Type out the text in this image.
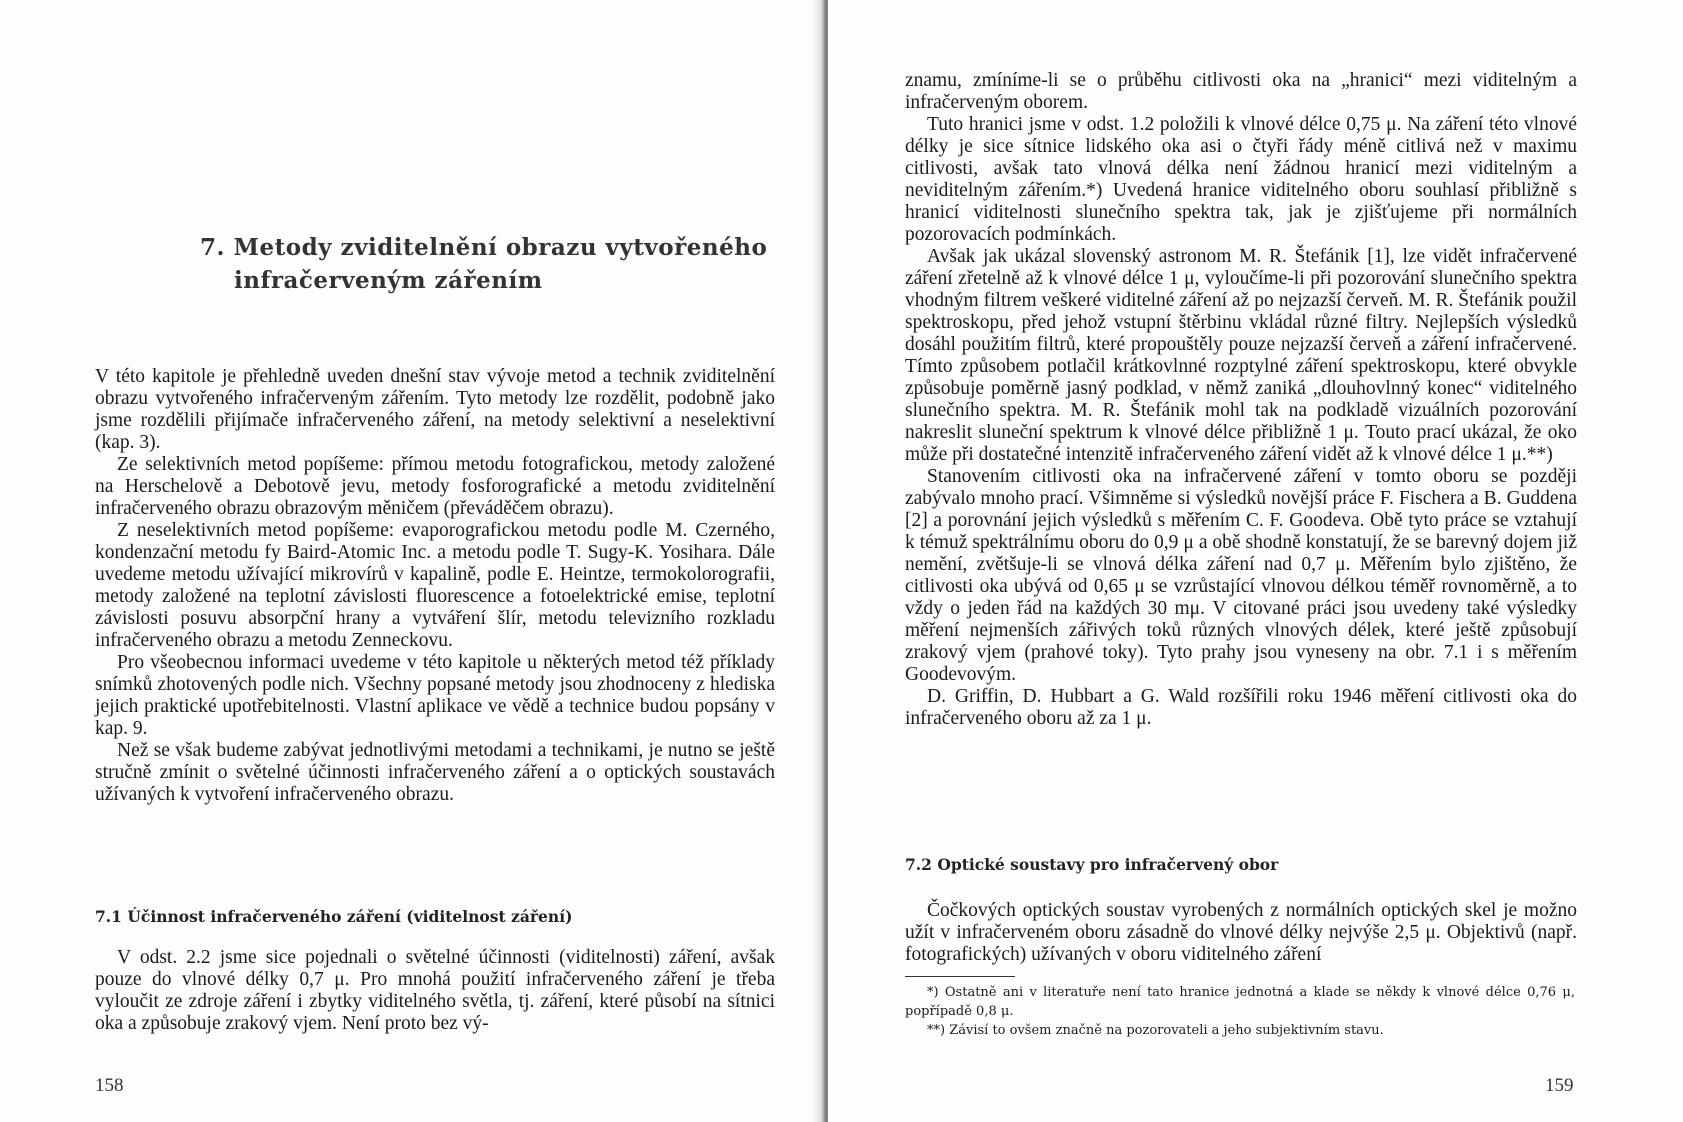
7. Metody zviditelnění obrazu vytvořeného
infračerveným zářením

V této kapitole je přehledně uveden dnešní stav vývoje metod a technik zviditelnění obrazu vytvořeného infračerveným zářením. Tyto metody lze rozdělit, podobně jako jsme rozdělili přijímače infračerveného záření, na metody selektivní a neselektivní (kap. 3).

Ze selektivních metod popíšeme: přímou metodu fotografickou, metody založené na Herschelově a Debotově jevu, metody fosforografické a metodu zviditelnění infračerveného obrazu obrazovým měničem (převáděčem obrazu).

Z neselektivních metod popíšeme: evaporografickou metodu podle M. Czerného, kondenzační metodu fy Baird-Atomic Inc. a metodu podle T. Sugy-K. Yosihara. Dále uvedeme metodu užívající mikrovírů v kapalině, podle E. Heintze, termokolorografii, metody založené na teplotní závislosti fluorescence a fotoelektrické emise, teplotní závislosti posuvu absorpční hrany a vytváření šlír, metodu televizního rozkladu infračerveného obrazu a metodu Zenneckovu.

Pro všeobecnou informaci uvedeme v této kapitole u některých metod též příklady snímků zhotovených podle nich. Všechny popsané metody jsou zhodnoceny z hlediska jejich praktické upotřebitelnosti. Vlastní aplikace ve vědě a technice budou popsány v kap. 9.

Než se však budeme zabývat jednotlivými metodami a technikami, je nutno se ještě stručně zmínit o světelné účinnosti infračerveného záření a o optických soustavách užívaných k vytvoření infračerveného obrazu.

7.1 Účinnost infračerveného záření (viditelnost záření)

V odst. 2.2 jsme sice pojednali o světelné účinnosti (viditelnosti) záření, avšak pouze do vlnové délky 0,7 μ. Pro mnohá použití infračerveného záření je třeba vyloučit ze zdroje záření i zbytky viditelného světla, tj. záření, které působí na sítnici oka a způsobuje zrakový vjem. Není proto bez vý-

158

znamu, zmíníme-li se o průběhu citlivosti oka na „hranici“ mezi viditelným a infračerveným oborem.

Tuto hranici jsme v odst. 1.2 položili k vlnové délce 0,75 μ. Na záření této vlnové délky je sice sítnice lidského oka asi o čtyři řády méně citlivá než v maximu citlivosti, avšak tato vlnová délka není žádnou hranicí mezi viditelným a neviditelným zářením.*) Uvedená hranice viditelného oboru souhlasí přibližně s hranicí viditelnosti slunečního spektra tak, jak je zjišťujeme při normálních pozorovacích podmínkách.

Avšak jak ukázal slovenský astronom M. R. Štefánik [1], lze vidět infračervené záření zřetelně až k vlnové délce 1 μ, vyloučíme-li při pozorování slunečního spektra vhodným filtrem veškeré viditelné záření až po nejzazší červeň. M. R. Štefánik použil spektroskopu, před jehož vstupní štěrbinu vkládal různé filtry. Nejlepších výsledků dosáhl použitím filtrů, které propouštěly pouze nejzazší červeň a záření infračervené. Tímto způsobem potlačil krátkovlnné rozptylné záření spektroskopu, které obvykle způsobuje poměrně jasný podklad, v němž zaniká „dlouhovlnný konec“ viditelného slunečního spektra. M. R. Štefánik mohl tak na podkladě vizuálních pozorování nakreslit sluneční spektrum k vlnové délce přibližně 1 μ. Touto prací ukázal, že oko může při dostatečné intenzitě infračerveného záření vidět až k vlnové délce 1 μ.**)

Stanovením citlivosti oka na infračervené záření v tomto oboru se později zabývalo mnoho prací. Všimněme si výsledků novější práce F. Fischera a B. Guddena [2] a porovnání jejich výsledků s měřením C. F. Goodeva. Obě tyto práce se vztahují k témuž spektrálnímu oboru do 0,9 μ a obě shodně konstatují, že se barevný dojem již nemění, zvětšuje-li se vlnová délka záření nad 0,7 μ. Měřením bylo zjištěno, že citlivosti oka ubývá od 0,65 μ se vzrůstající vlnovou délkou téměř rovnoměrně, a to vždy o jeden řád na každých 30 mμ. V citované práci jsou uvedeny také výsledky měření nejmenších zářivých toků různých vlnových délek, které ještě způsobují zrakový vjem (prahové toky). Tyto prahy jsou vyneseny na obr. 7.1 i s měřením Goodevovým.

D. Griffin, D. Hubbart a G. Wald rozšířili roku 1946 měření citlivosti oka do infračerveného oboru až za 1 μ.

7.2 Optické soustavy pro infračervený obor

Čočkových optických soustav vyrobených z normálních optických skel je možno užít v infračerveném oboru zásadně do vlnové délky nejvýše 2,5 μ. Objektivů (např. fotografických) užívaných v oboru viditelného záření

*) Ostatně ani v literatuře není tato hranice jednotná a klade se někdy k vlnové délce 0,76 μ, popřípadě 0,8 μ.

**) Závisí to ovšem značně na pozorovateli a jeho subjektivním stavu.

159
